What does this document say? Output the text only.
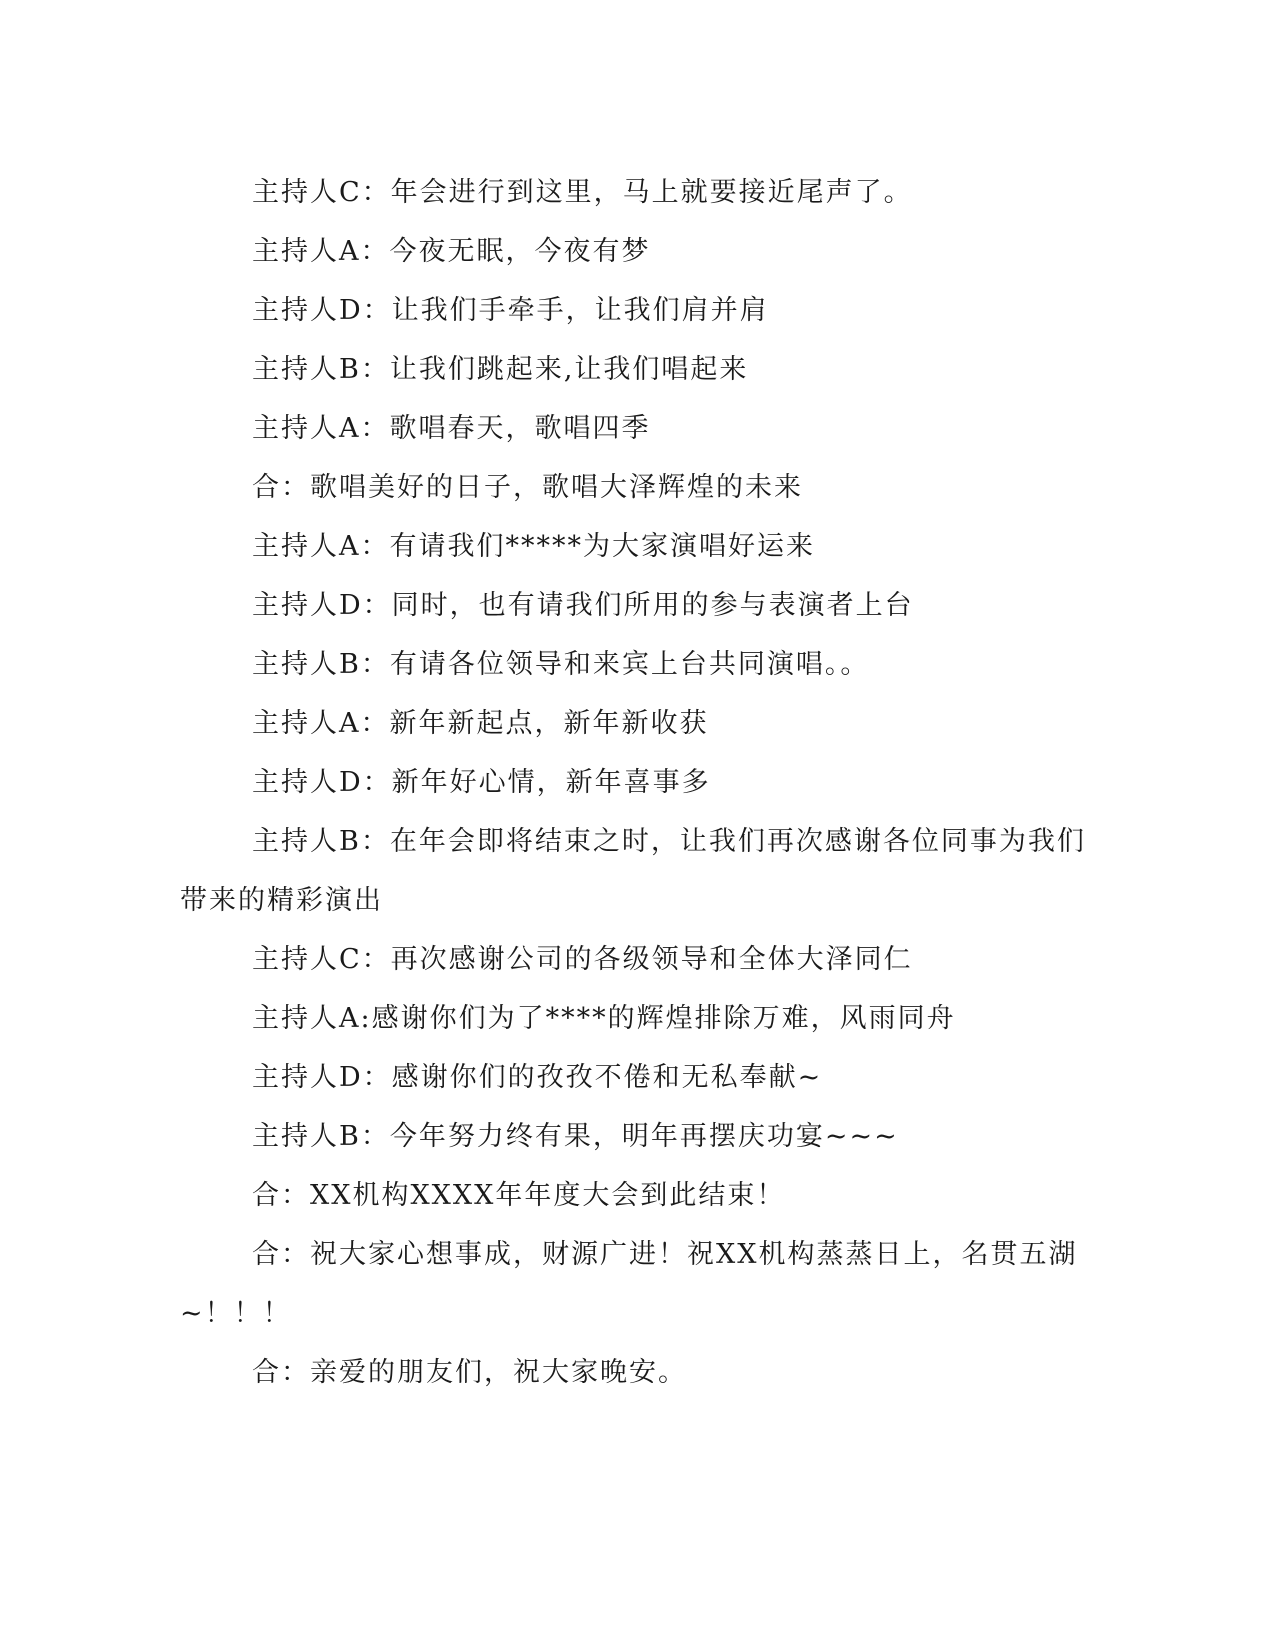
主持人C：年会进行到这里，马上就要接近尾声了。

主持人A：今夜无眠，今夜有梦

主持人D：让我们手牵手，让我们肩并肩

主持人B：让我们跳起来,让我们唱起来

主持人A：歌唱春天，歌唱四季

合：歌唱美好的日子，歌唱大泽辉煌的未来

主持人A：有请我们*****为大家演唱好运来

主持人D：同时，也有请我们所用的参与表演者上台

主持人B：有请各位领导和来宾上台共同演唱。。

主持人A：新年新起点，新年新收获

主持人D：新年好心情，新年喜事多

主持人B：在年会即将结束之时，让我们再次感谢各位同事为我们带来的精彩演出

主持人C：再次感谢公司的各级领导和全体大泽同仁

主持人A:感谢你们为了****的辉煌排除万难，风雨同舟

主持人D：感谢你们的孜孜不倦和无私奉献~

主持人B：今年努力终有果，明年再摆庆功宴~~~

合：XX机构XXXX年年度大会到此结束！

合：祝大家心想事成，财源广进！祝XX机构蒸蒸日上，名贯五湖~！！！

合：亲爱的朋友们，祝大家晚安。
